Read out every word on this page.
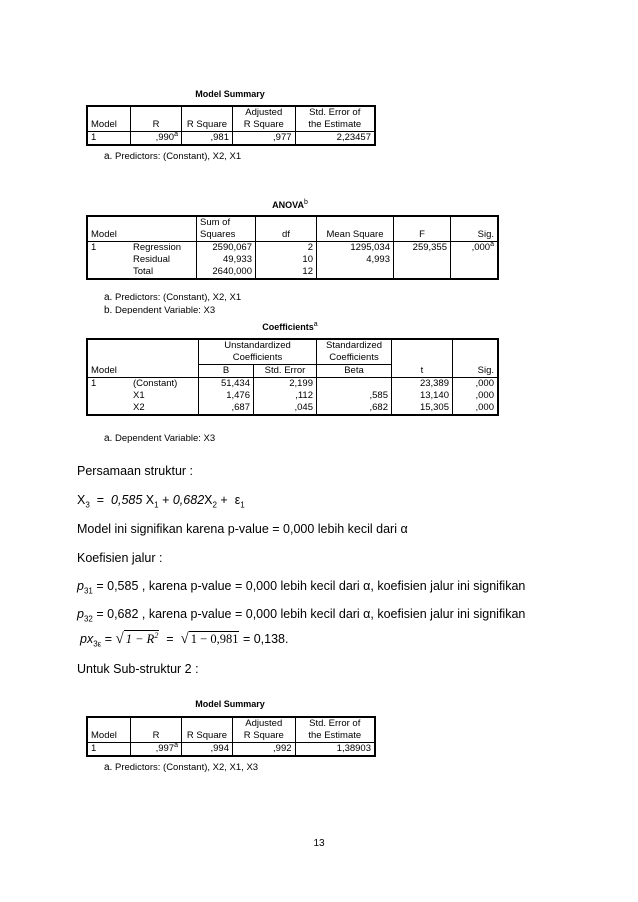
Model Summary
			Adjusted	Std. Error of
Model	R	R Square	R Square	the Estimate
1	,990$^a$	,981	,977	2,23457
a. Predictors: (Constant), X2, X1
ANOVA$^b$
		Sum of				
Model		Squares	df	Mean Square	F	Sig.
1	Regression	2590,067	2	1295,034	259,355	,000$^a$
	Residual	49,933	10	4,993		
	Total	2640,000	12			
a. Predictors: (Constant), X2, X1
b. Dependent Variable: X3
Coefficients$^a$
		Unstandardized		Standardized		
		Coefficients		Coefficients		
Model		B	Std. Error	Beta	t	Sig.
1	(Constant)	51,434	2,199		23,389	,000
	X1	1,476	,112	,585	13,140	,000
	X2	,687	,045	,682	15,305	,000
a. Dependent Variable: X3
Persamaan struktur :
$X_3 = 0,585$ $X_1 + 0,682X_2 + \varepsilon_1$
Model ini signifikan karena p-value = 0,000 lebih kecil dari α
Koefisien jalur :
$p_{31} = 0,585$ , karena p-value = 0,000 lebih kecil dari α, koefisien jalur ini signifikan
$p_{32} = 0,682$ , karena p-value = 0,000 lebih kecil dari α, koefisien jalur ini signifikan
$px_{3\varepsilon}$ = √ $1 - R^2$ = √ 1 − 0,981 = 0,138.
Untuk Sub-struktur 2 :
Model Summary
			Adjusted	Std. Error of
Model	R	R Square	R Square	the Estimate
1	,997$^a$	,994	,992	1,38903
a. Predictors: (Constant), X2, X1, X3
13
